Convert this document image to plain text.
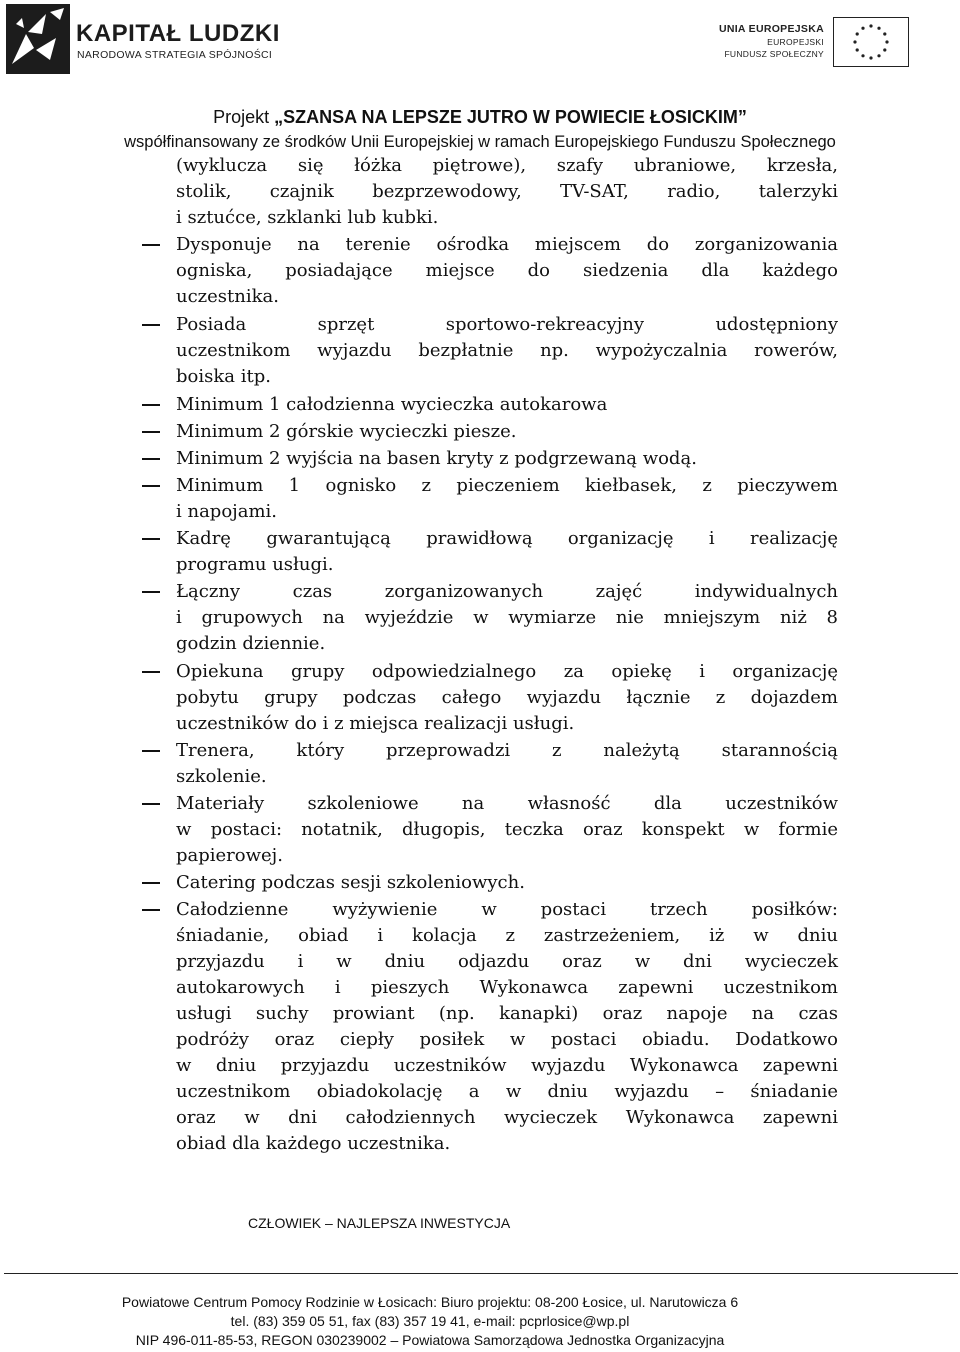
KAPITAŁ LUDZKI
NARODOWA STRATEGIA SPÓJNOŚCI
UNIA EUROPEJSKA
EUROPEJSKI
FUNDUSZ SPOŁECZNY
Projekt „SZANSA NA LEPSZE JUTRO W POWIECIE ŁOSICKIM”
współfinansowany ze środków Unii Europejskiej w ramach Europejskiego Funduszu Społecznego
(wyklucza się łóżka piętrowe), szafy ubraniowe, krzesła,
stolik, czajnik bezprzewodowy, TV-SAT, radio, talerzyki
i sztućce, szklanki lub kubki.
Dysponuje na terenie ośrodka miejscem do zorganizowania
ogniska, posiadające miejsce do siedzenia dla każdego
uczestnika.
Posiada sprzęt sportowo-rekreacyjny udostępniony
uczestnikom wyjazdu bezpłatnie np. wypożyczalnia rowerów,
boiska itp.
Minimum 1 całodzienna wycieczka autokarowa
Minimum 2 górskie wycieczki piesze.
Minimum 2 wyjścia na basen kryty z podgrzewaną wodą.
Minimum 1 ognisko z pieczeniem kiełbasek, z pieczywem
i napojami.
Kadrę gwarantującą prawidłową organizację i realizację
programu usługi.
Łączny czas zorganizowanych zajęć indywidualnych
i grupowych na wyjeździe w wymiarze nie mniejszym niż 8
godzin dziennie.
Opiekuna grupy odpowiedzialnego za opiekę i organizację
pobytu grupy podczas całego wyjazdu łącznie z dojazdem
uczestników do i z miejsca realizacji usługi.
Trenera, który przeprowadzi z należytą starannością
szkolenie.
Materiały szkoleniowe na własność dla uczestników
w postaci: notatnik, długopis, teczka oraz konspekt w formie
papierowej.
Catering podczas sesji szkoleniowych.
Całodzienne wyżywienie w postaci trzech posiłków:
śniadanie, obiad i kolacja z zastrzeżeniem, iż w dniu
przyjazdu i w dniu odjazdu oraz w dni wycieczek
autokarowych i pieszych Wykonawca zapewni uczestnikom
usługi suchy prowiant (np. kanapki) oraz napoje na czas
podróży oraz ciepły posiłek w postaci obiadu. Dodatkowo
w dniu przyjazdu uczestników wyjazdu Wykonawca zapewni
uczestnikom obiadokolację a w dniu wyjazdu – śniadanie
oraz w dni całodziennych wycieczek Wykonawca zapewni
obiad dla każdego uczestnika.
CZŁOWIEK – NAJLEPSZA INWESTYCJA
Powiatowe Centrum Pomocy Rodzinie w Łosicach: Biuro projektu: 08-200 Łosice, ul. Narutowicza 6
tel. (83) 359 05 51, fax (83) 357 19 41, e-mail: pcprlosice@wp.pl
NIP 496-011-85-53, REGON 030239002 – Powiatowa Samorządowa Jednostka Organizacyjna
